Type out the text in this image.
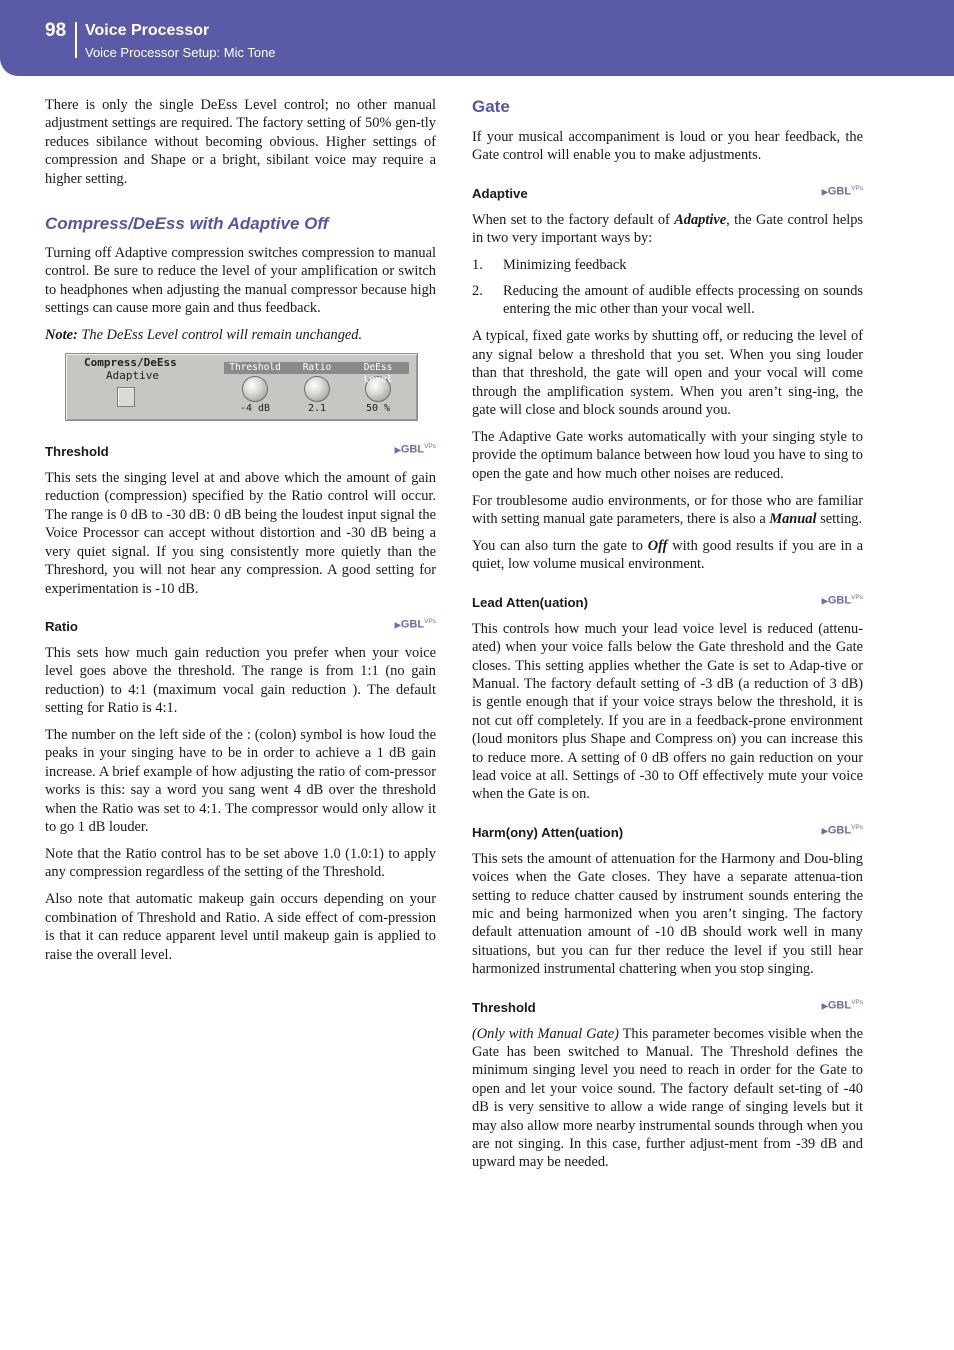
98 Voice Processor
Voice Processor Setup: Mic Tone

There is only the single DeEss Level control; no other manual adjustment settings are required. The factory setting of 50% gen-tly reduces sibilance without becoming obvious. Higher settings of compression and Shape or a bright, sibilant voice may require a higher setting.

Compress/DeEss with Adaptive Off

Turning off Adaptive compression switches compression to manual control. Be sure to reduce the level of your amplification or switch to headphones when adjusting the manual compressor because high settings can cause more gain and thus feedback.

Note: The DeEss Level control will remain unchanged.

Compress/DeEss
Adaptive
Threshold
-4 dB
Ratio
2.1
DeEss Level
50 %
Threshold	$▶GBL^{VPs}$

This sets the singing level at and above which the amount of gain reduction (compression) specified by the Ratio control will occur. The range is 0 dB to -30 dB: 0 dB being the loudest input signal the Voice Processor can accept without distortion and -30 dB being a very quiet signal. If you sing consistently more quietly than the Threshord, you will not hear any compression. A good setting for experimentation is -10 dB.

Ratio	$▶GBL^{VPs}$

This sets how much gain reduction you prefer when your voice level goes above the threshold. The range is from 1:1 (no gain reduction) to 4:1 (maximum vocal gain reduction ). The default setting for Ratio is 4:1.

The number on the left side of the : (colon) symbol is how loud the peaks in your singing have to be in order to achieve a 1 dB gain increase. A brief example of how adjusting the ratio of com-pressor works is this: say a word you sang went 4 dB over the threshold when the Ratio was set to 4:1. The compressor would only allow it to go 1 dB louder.

Note that the Ratio control has to be set above 1.0 (1.0:1) to apply any compression regardless of the setting of the Threshold.

Also note that automatic makeup gain occurs depending on your combination of Threshold and Ratio. A side effect of com-pression is that it can reduce apparent level until makeup gain is applied to raise the overall level.

Gate

If your musical accompaniment is loud or you hear feedback, the Gate control will enable you to make adjustments.

Adaptive	$▶GBL^{VPs}$

When set to the factory default of Adaptive, the Gate control helps in two very important ways by:

1. Minimizing feedback
2. Reducing the amount of audible effects processing on sounds entering the mic other than your vocal well.

A typical, fixed gate works by shutting off, or reducing the level of any signal below a threshold that you set. When you sing louder than that threshold, the gate will open and your vocal will come through the amplification system. When you aren’t sing-ing, the gate will close and block sounds around you.

The Adaptive Gate works automatically with your singing style to provide the optimum balance between how loud you have to sing to open the gate and how much other noises are reduced.

For troublesome audio environments, or for those who are familiar with setting manual gate parameters, there is also a Manual setting.

You can also turn the gate to Off with good results if you are in a quiet, low volume musical environment.

Lead Atten(uation)	$▶GBL^{VPs}$

This controls how much your lead voice level is reduced (attenu-ated) when your voice falls below the Gate threshold and the Gate closes. This setting applies whether the Gate is set to Adap-tive or Manual. The factory default setting of -3 dB (a reduction of 3 dB) is gentle enough that if your voice strays below the threshold, it is not cut off completely. If you are in a feedback-prone environment (loud monitors plus Shape and Compress on) you can increase this to reduce more. A setting of 0 dB offers no gain reduction on your lead voice at all. Settings of -30 to Off effectively mute your voice when the Gate is on.

Harm(ony) Atten(uation)	$▶GBL^{VPs}$

This sets the amount of attenuation for the Harmony and Dou-bling voices when the Gate closes. They have a separate attenua-tion setting to reduce chatter caused by instrument sounds entering the mic and being harmonized when you aren’t singing. The factory default attenuation amount of -10 dB should work well in many situations, but you can fur ther reduce the level if you still hear harmonized instrumental chattering when you stop singing.

Threshold	$▶GBL^{VPs}$

(Only with Manual Gate) This parameter becomes visible when the Gate has been switched to Manual. The Threshold defines the minimum singing level you need to reach in order for the Gate to open and let your voice sound. The factory default set-ting of -40 dB is very sensitive to allow a wide range of singing levels but it may also allow more nearby instrumental sounds through when you are not singing. In this case, further adjust-ment from -39 dB and upward may be needed.
